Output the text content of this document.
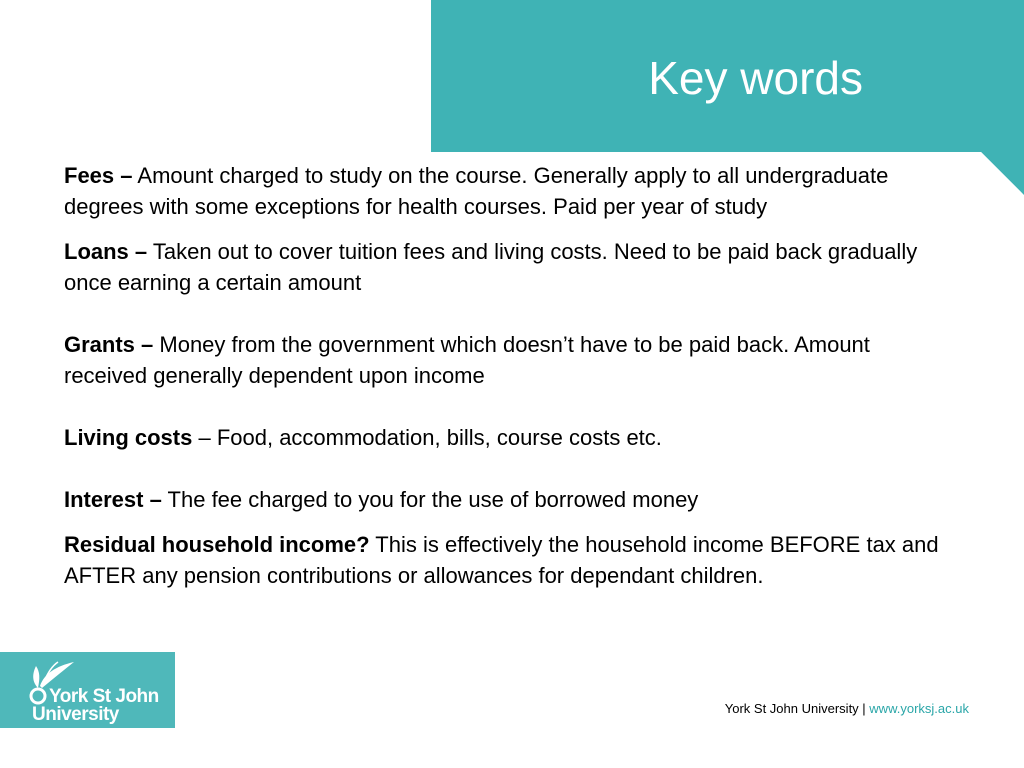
Key words

Fees – Amount charged to study on the course. Generally apply to all undergraduate degrees with some exceptions for health courses. Paid per year of study

Loans – Taken out to cover tuition fees and living costs. Need to be paid back gradually once earning a certain amount

Grants – Money from the government which doesn’t have to be paid back. Amount received generally dependent upon income

Living costs – Food, accommodation, bills, course costs etc.

Interest – The fee charged to you for the use of borrowed money

Residual household income? This is effectively the household income BEFORE tax and AFTER any pension contributions or allowances for dependant children.

York St John
University	York St John University | www.yorksj.ac.uk
